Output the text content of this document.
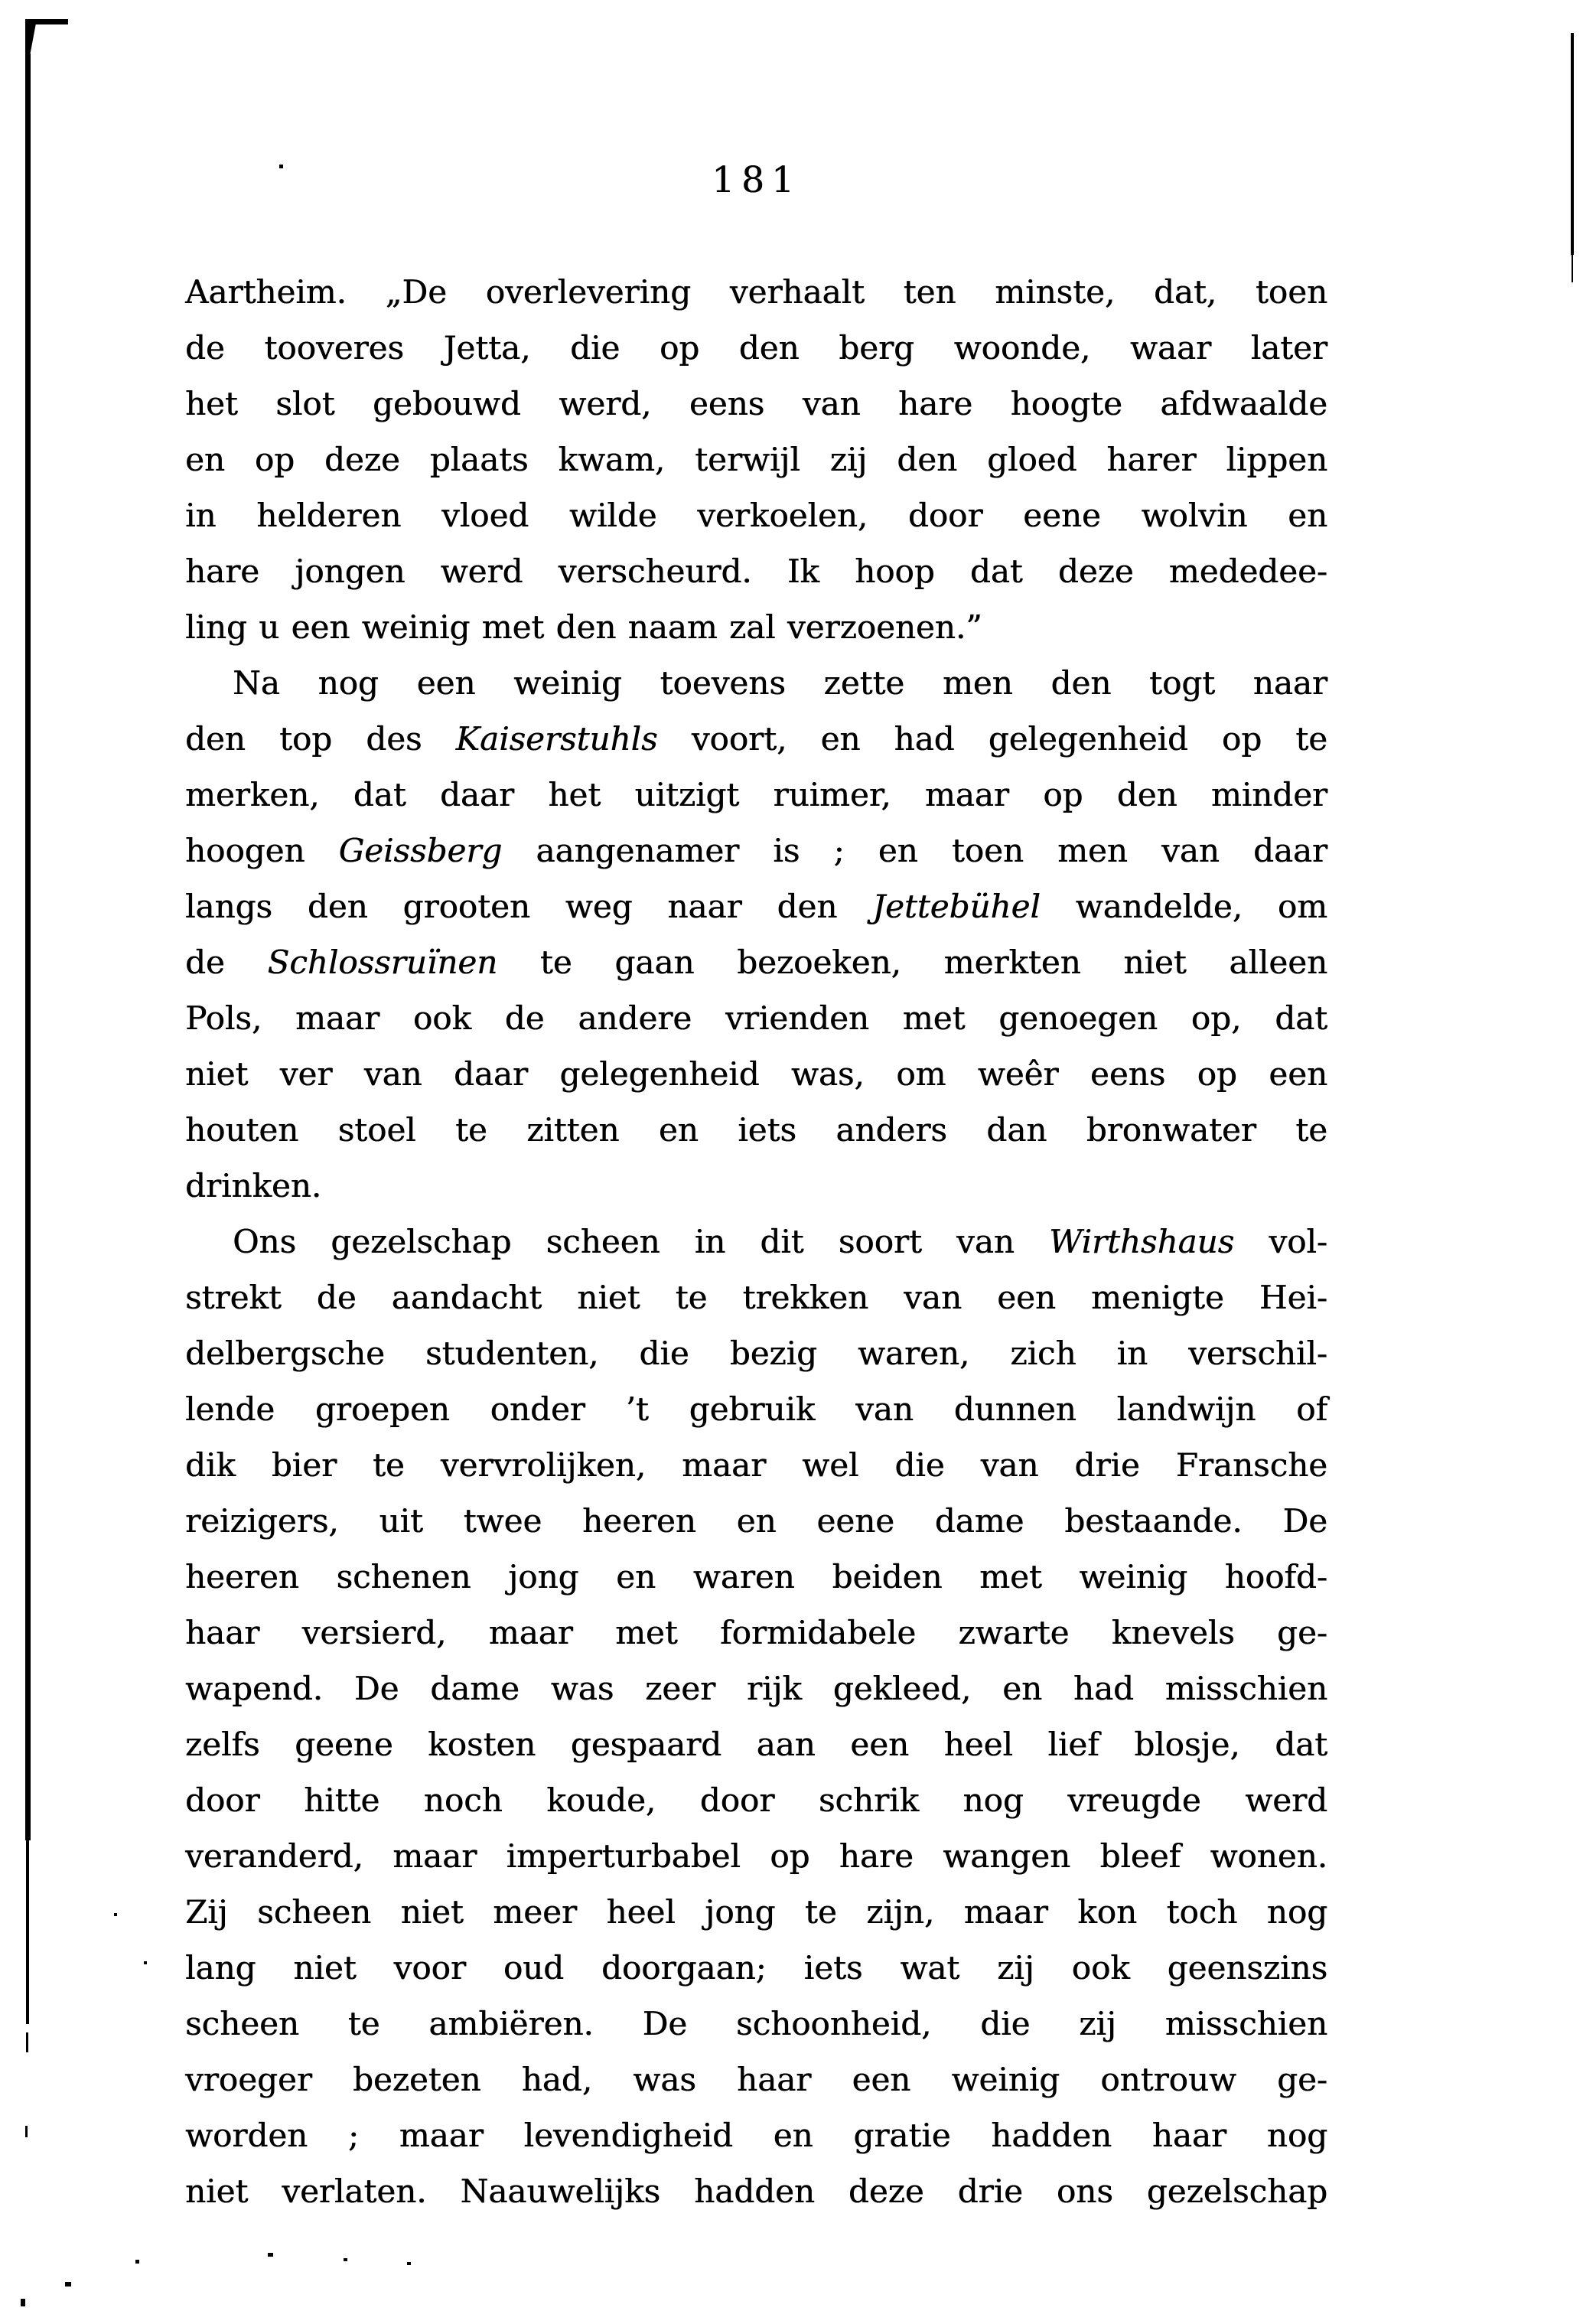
181
Aartheim. „De overlevering verhaalt ten minste, dat, toen
de tooveres Jetta, die op den berg woonde, waar later
het slot gebouwd werd, eens van hare hoogte afdwaalde
en op deze plaats kwam, terwijl zij den gloed harer lippen
in helderen vloed wilde verkoelen, door eene wolvin en
hare jongen werd verscheurd. Ik hoop dat deze mededee-
ling u een weinig met den naam zal verzoenen.”
Na nog een weinig toevens zette men den togt naar
den top des Kaiserstuhls voort, en had gelegenheid op te
merken, dat daar het uitzigt ruimer, maar op den minder
hoogen Geissberg aangenamer is ; en toen men van daar
langs den grooten weg naar den Jettebühel wandelde, om
de Schlossruïnen te gaan bezoeken, merkten niet alleen
Pols, maar ook de andere vrienden met genoegen op, dat
niet ver van daar gelegenheid was, om weêr eens op een
houten stoel te zitten en iets anders dan bronwater te
drinken.
Ons gezelschap scheen in dit soort van Wirthshaus vol-
strekt de aandacht niet te trekken van een menigte Hei-
delbergsche studenten, die bezig waren, zich in verschil-
lende groepen onder ’t gebruik van dunnen landwijn of
dik bier te vervrolijken, maar wel die van drie Fransche
reizigers, uit twee heeren en eene dame bestaande. De
heeren schenen jong en waren beiden met weinig hoofd-
haar versierd, maar met formidabele zwarte knevels ge-
wapend. De dame was zeer rijk gekleed, en had misschien
zelfs geene kosten gespaard aan een heel lief blosje, dat
door hitte noch koude, door schrik nog vreugde werd
veranderd, maar imperturbabel op hare wangen bleef wonen.
Zij scheen niet meer heel jong te zijn, maar kon toch nog
lang niet voor oud doorgaan; iets wat zij ook geenszins
scheen te ambiëren. De schoonheid, die zij misschien
vroeger bezeten had, was haar een weinig ontrouw ge-
worden ; maar levendigheid en gratie hadden haar nog
niet verlaten. Naauwelijks hadden deze drie ons gezelschap
